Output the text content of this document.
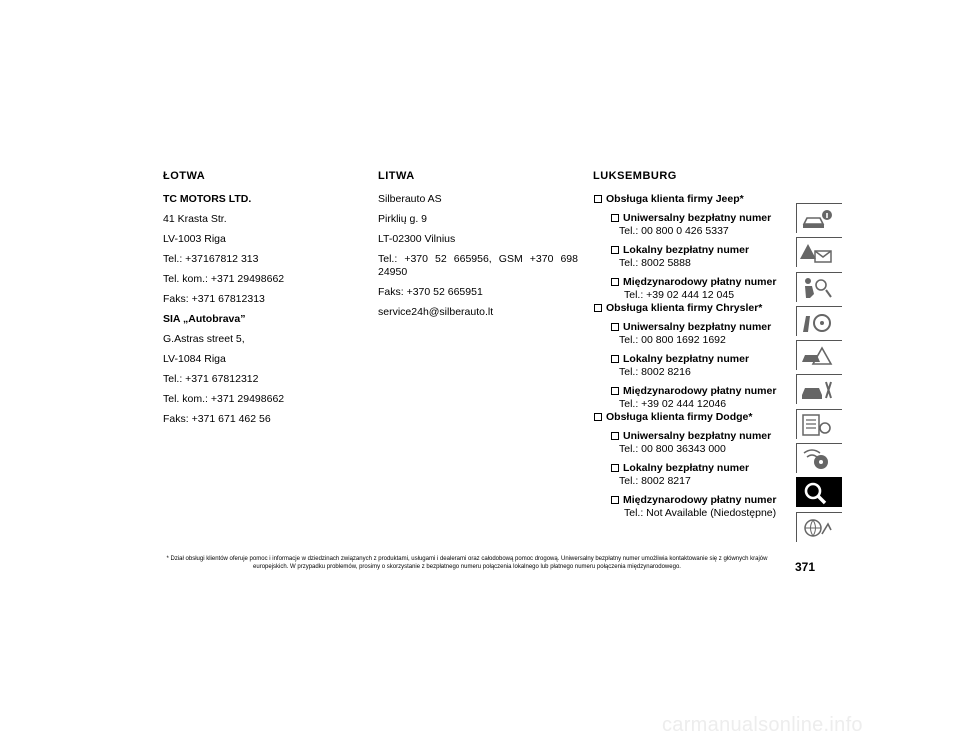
ŁOTWA
TC MOTORS LTD.
41 Krasta Str.
LV-1003 Riga
Tel.: +37167812 313
Tel. kom.: +371 29498662
Faks: +371 67812313
SIA „Autobrava”
G.Astras street 5,
LV-1084 Riga
Tel.: +371 67812312
Tel. kom.: +371 29498662
Faks: +371 671 462 56
LITWA
Silberauto AS
Pirklių g. 9
LT-02300 Vilnius
Tel.: +370 52 665956, GSM +370 698 24950
Faks: +370 52 665951
service24h@silberauto.lt
LUKSEMBURG
Obsługa klienta firmy Jeep*
Uniwersalny bezpłatny numer
Tel.: 00 800 0 426 5337
Lokalny bezpłatny numer
Tel.: 8002 5888
Międzynarodowy płatny numer
Tel.: +39 02 444 12 045
Obsługa klienta firmy Chrysler*
Uniwersalny bezpłatny numer
Tel.: 00 800 1692 1692
Lokalny bezpłatny numer
Tel.: 8002 8216
Międzynarodowy płatny numer
Tel.: +39 02 444 12046
Obsługa klienta firmy Dodge*
Uniwersalny bezpłatny numer
Tel.: 00 800 36343 000
Lokalny bezpłatny numer
Tel.: 8002 8217
Międzynarodowy płatny numer
Tel.: Not Available (Niedostępne)
* Dział obsługi klientów oferuje pomoc i informacje w dziedzinach związanych z produktami, usługami i dealerami oraz całodobową pomoc drogową. Uniwersalny bezpłatny numer umożliwia kontaktowanie się z głównych krajów europejskich. W przypadku problemów, prosimy o skorzystanie z bezpłatnego numeru połączenia lokalnego lub płatnego numeru połączenia międzynarodowego.	371
carmanualsonline.info
